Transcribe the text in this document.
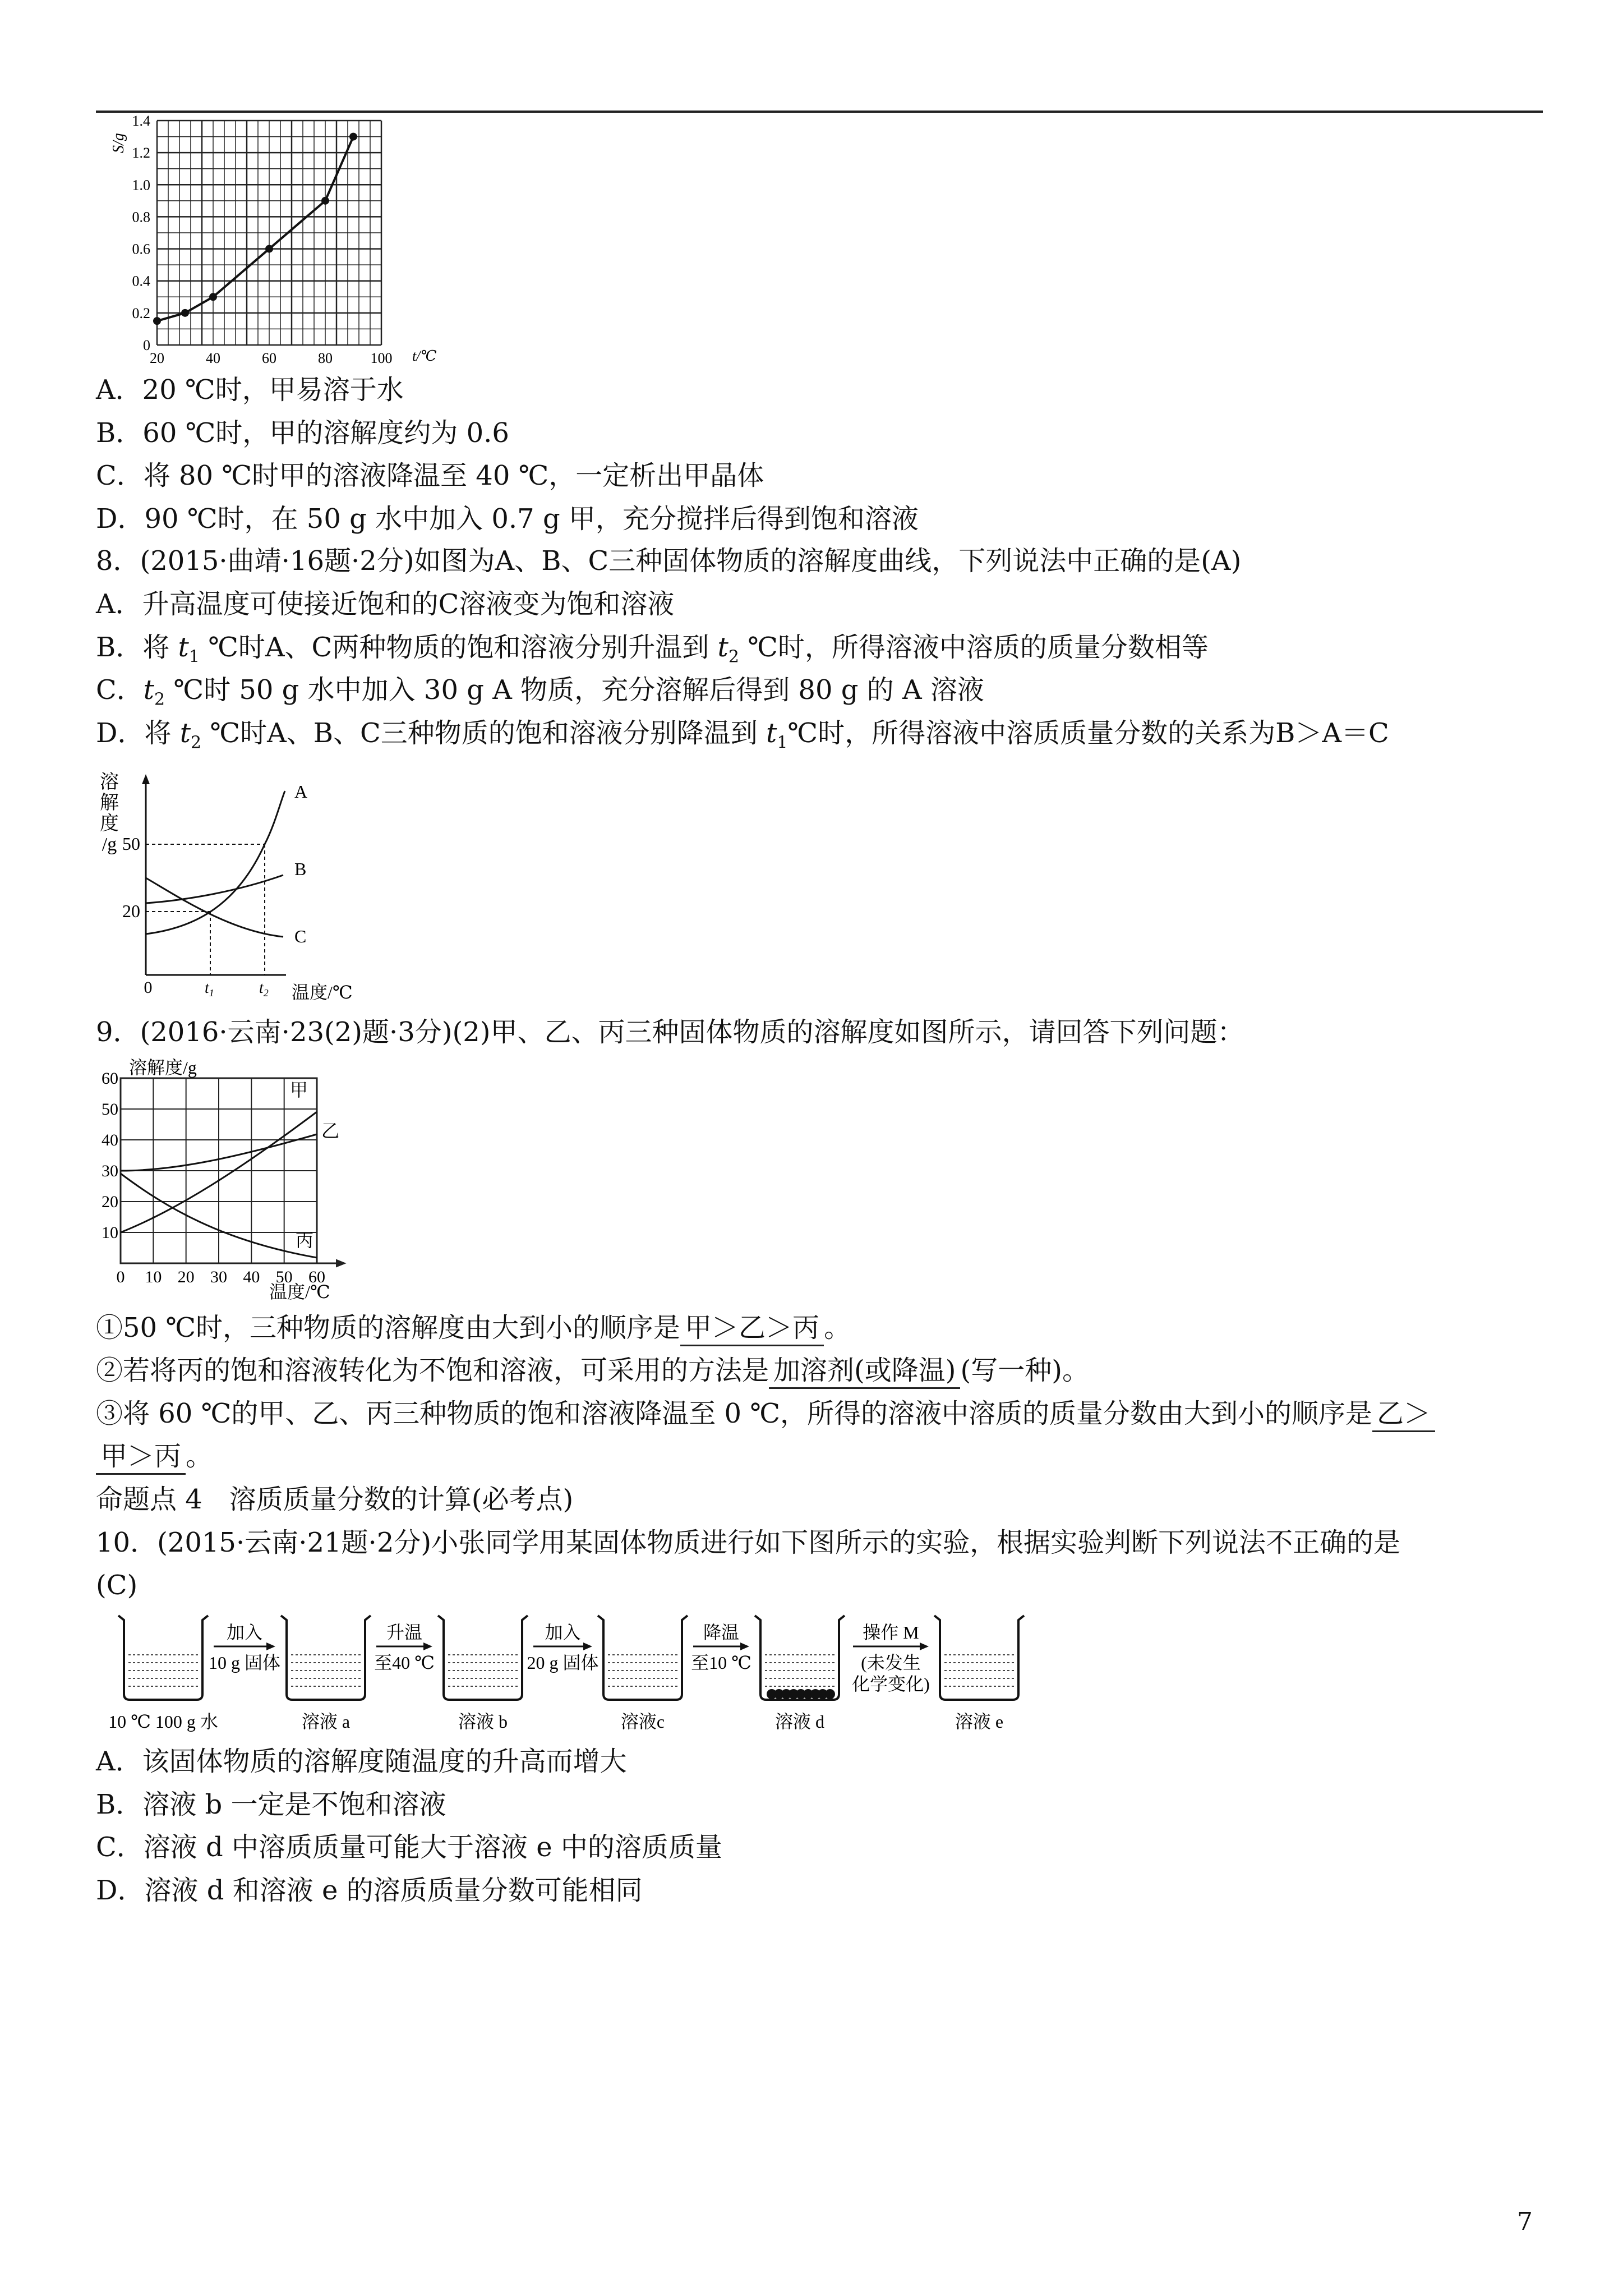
20	40	60	80	100
0
0.2
0.4
0.6
0.8
1.0
1.2
1.4
S/g
t/℃
A．20 ℃时，甲易溶于水
B．60 ℃时，甲的溶解度约为 0.6
C．将 80 ℃时甲的溶液降温至 40 ℃，一定析出甲晶体
D．90 ℃时，在 50 g 水中加入 0.7 g 甲，充分搅拌后得到饱和溶液
8．(2015·曲靖·16题·2分)如图为A、B、C三种固体物质的溶解度曲线，下列说法中正确的是(A)
A．升高温度可使接近饱和的C溶液变为饱和溶液
B．将 $t_1$ ℃时A、C两种物质的饱和溶液分别升温到 $t_2$ ℃时，所得溶液中溶质的质量分数相等
C．$t_2$ ℃时 50 g 水中加入 30 g A 物质，充分溶解后得到 80 g 的 A 溶液
D．将 $t_2$ ℃时A、B、C三种物质的饱和溶液分别降温到 $t_1℃$时，所得溶液中溶质质量分数的关系为B＞A＝C
溶
解
度
/g 50
20
0
A
B
C
$t_1$	$t_2$ 温度/℃
9．(2016·云南·23(2)题·3分)(2)甲、乙、丙三种固体物质的溶解度如图所示，请回答下列问题：
溶解度/g
0 10 20 30 40 50 60
10
20
30
40
50
60
甲
乙
丙
温度/℃
①50 ℃时，三种物质的溶解度由大到小的顺序是 甲＞乙＞丙 。
②若将丙的饱和溶液转化为不饱和溶液，可采用的方法是 加溶剂(或降温) (写一种)。
③将 60 ℃的甲、乙、丙三种物质的饱和溶液降温至 0 ℃，所得的溶液中溶质的质量分数由大到小的顺序是 乙＞
甲＞丙 。
命题点 4　溶质质量分数的计算(必考点)
10．(2015·云南·21题·2分)小张同学用某固体物质进行如下图所示的实验，根据实验判断下列说法不正确的是
(C)
加入
10 g 固体
升温
至40 ℃
加入
20 g 固体
降温
至10 ℃
操作 M
(未发生
化学变化)
10 ℃ 100 g 水	溶液 a	溶液 b	溶液c	溶液 d	溶液 e
A．该固体物质的溶解度随温度的升高而增大
B．溶液 b 一定是不饱和溶液
C．溶液 d 中溶质质量可能大于溶液 e 中的溶质质量
D．溶液 d 和溶液 e 的溶质质量分数可能相同
7
